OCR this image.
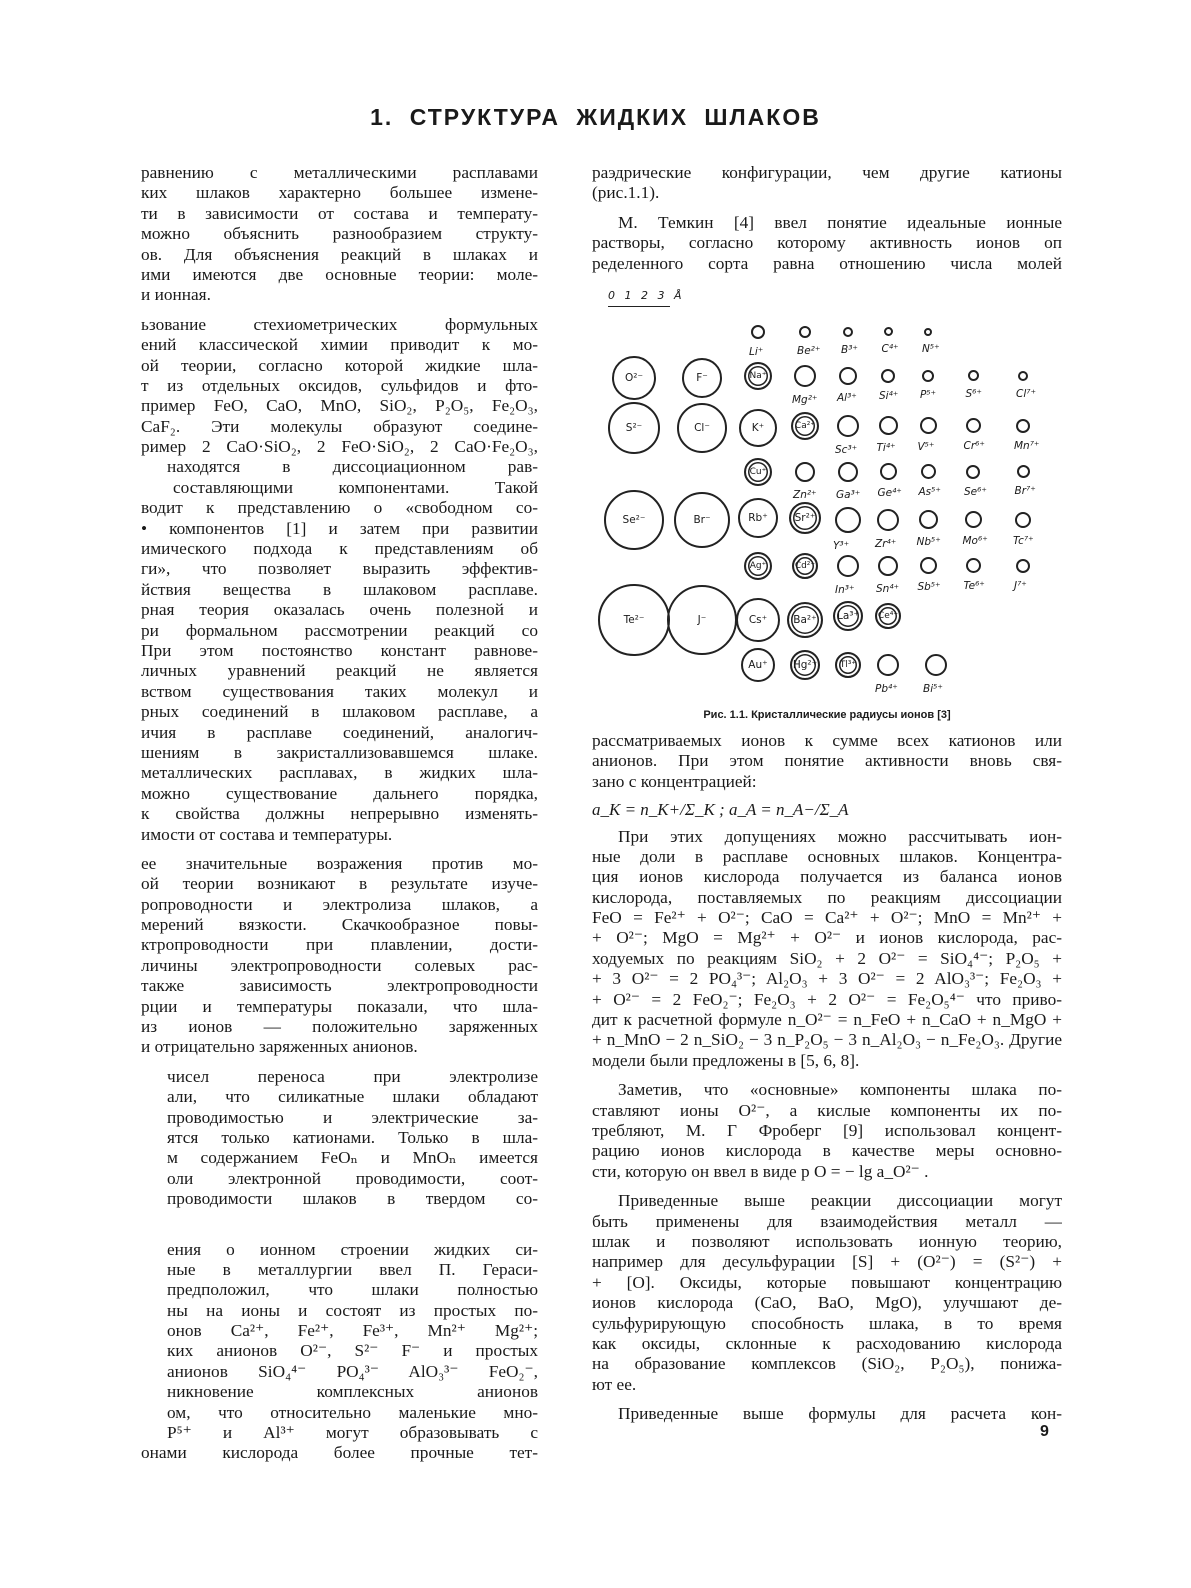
1. СТРУКТУРА ЖИДКИХ ШЛАКОВ
равнению с металлическими расплавами
ких шлаков характерно большее измене-
ти в зависимости от состава и температу-
можно объяснить разнообразием структу-
ов. Для объяснения реакций в шлаках и
ими имеются две основные теории: моле-
и ионная.
ьзование стехиометрических формульных
ений классической химии приводит к мо-
ой теории, согласно которой жидкие шла-
т из отдельных оксидов, сульфидов и фто-
пример FeO, CaO, MnO, SiO₂, P₂O₅, Fe₂O₃,
CaF₂. Эти молекулы образуют соедине-
ример 2 CaO·SiO₂, 2 FeO·SiO₂, 2 CaO·Fe₂O₃,
находятся в диссоциационном рав-
составляющими компонентами. Такой
водит к представлению о «свободном со-
• компонентов [1] и затем при развитии
имического подхода к представлениям об
ги», что позволяет выразить эффектив-
йствия вещества в шлаковом расплаве.
рная теория оказалась очень полезной и
ри формальном рассмотрении реакций со
При этом постоянство констант равнове-
личных уравнений реакций не является
вством существования таких молекул и
рных соединений в шлаковом расплаве, а
ичия в расплаве соединений, аналогич-
шениям в закристаллизовавшемся шлаке.
металлических расплавах, в жидких шла-
можно существование дальнего порядка,
к свойства должны непрерывно изменять-
имости от состава и температуры.
ее значительные возражения против мо-
ой теории возникают в результате изуче-
ропроводности и электролиза шлаков, а
мерений вязкости. Скачкообразное повы-
ктропроводности при плавлении, дости-
личины электропроводности солевых рас-
также зависимость электропроводности
рции и температуры показали, что шла-
из ионов — положительно заряженных
и отрицательно заряженных анионов.
чисел переноса при электролизе
али, что силикатные шлаки обладают
проводимостью и электрические за-
ятся только катионами. Только в шла-
м содержанием FeOₙ и MnOₙ имеется
оли электронной проводимости, соот-
проводимости шлаков в твердом со-
ения о ионном строении жидких си-
ные в металлургии ввел П. Гераси-
предположил, что шлаки полностью
ны на ионы и состоят из простых по-
онов Ca²⁺, Fe²⁺, Fe³⁺, Mn²⁺ Mg²⁺;
ких анионов O²⁻, S²⁻ F⁻ и простых
анионов SiO₄⁴⁻ PO₄³⁻ AlO₃³⁻ FeO₂⁻,
никновение комплексных анионов
ом, что относительно маленькие мно-
P⁵⁺ и Al³⁺ могут образовывать с
онами кислорода более прочные тет-
раэдрические конфигурации, чем другие катионы
(рис.1.1).
М. Темкин [4] ввел понятие идеальные ионные
растворы, согласно которому активность ионов оп
ределенного сорта равна отношению числа молей
0 1 2 3 Å
Li⁺	Be²⁺ B³⁺ C⁴⁺ N⁵⁺
O²⁻	F⁻	Na⁺
Mg²⁺ Al³⁺ Si⁴⁺ P⁵⁺	S⁶⁺	Cl⁷⁺
S²⁻	Cl⁻	K⁺	Ca²⁺
Sc³⁺ Ti⁴⁺ V⁵⁺	Cr⁶⁺	Mn⁷⁺
Cu⁺
Zn²⁺ Ga³⁺ Ge⁴⁺ As⁵⁺ Se⁶⁺	Br⁷⁺
Se²⁻	Br⁻	Rb⁺	Sr²⁺
Y³⁺ Zr⁴⁺ Nb⁵⁺ Mo⁶⁺ Tc⁷⁺
Ag⁺	Cd²⁺
In³⁺ Sn⁴⁺ Sb⁵⁺ Te⁶⁺	J⁷⁺
Te²⁻	J⁻	Cs⁺ Ba²⁺ La³⁺ Ce⁴⁺
Au⁺ Hg²⁺	Tl³⁺
Pb⁴⁺ Bi⁵⁺
Рис. 1.1. Кристаллические радиусы ионов [3]
рассматриваемых ионов к сумме всех катионов или
анионов. При этом понятие активности вновь свя-
зано с концентрацией:
a_K = n_K+/Σ_K ; a_A = n_A−/Σ_A
При этих допущениях можно рассчитывать ион-
ные доли в расплаве основных шлаков. Концентра-
ция ионов кислорода получается из баланса ионов
кислорода, поставляемых по реакциям диссоциации
FeO = Fe²⁺ + O²⁻; CaO = Ca²⁺ + O²⁻; MnO = Mn²⁺ +
+ O²⁻; MgO = Mg²⁺ + O²⁻ и ионов кислорода, рас-
ходуемых по реакциям SiO₂ + 2 O²⁻ = SiO₄⁴⁻; P₂O₅ +
+ 3 O²⁻ = 2 PO₄³⁻; Al₂O₃ + 3 O²⁻ = 2 AlO₃³⁻; Fe₂O₃ +
+ O²⁻ = 2 FeO₂⁻; Fe₂O₃ + 2 O²⁻ = Fe₂O₅⁴⁻ что приво-
дит к расчетной формуле n_O²⁻ = n_FeO + n_CaO + n_MgO +
+ n_MnO − 2 n_SiO₂ − 3 n_P₂O₅ − 3 n_Al₂O₃ − n_Fe₂O₃. Другие
модели были предложены в [5, 6, 8].
Заметив, что «основные» компоненты шлака по-
ставляют ионы O²⁻, а кислые компоненты их по-
требляют, М. Г Фроберг [9] использовал концент-
рацию ионов кислорода в качестве меры основно-
сти, которую он ввел в виде p O = − lg a_O²⁻ .
Приведенные выше реакции диссоциации могут
быть применены для взаимодействия металл —
шлак и позволяют использовать ионную теорию,
например для десульфурации [S] + (O²⁻) = (S²⁻) +
+ [O]. Оксиды, которые повышают концентрацию
ионов кислорода (CaO, BaO, MgO), улучшают де-
сульфурирующую способность шлака, в то время
как оксиды, склонные к расходованию кислорода
на образование комплексов (SiO₂, P₂O₅), понижа-
ют ее.
Приведенные выше формулы для расчета кон-
9
